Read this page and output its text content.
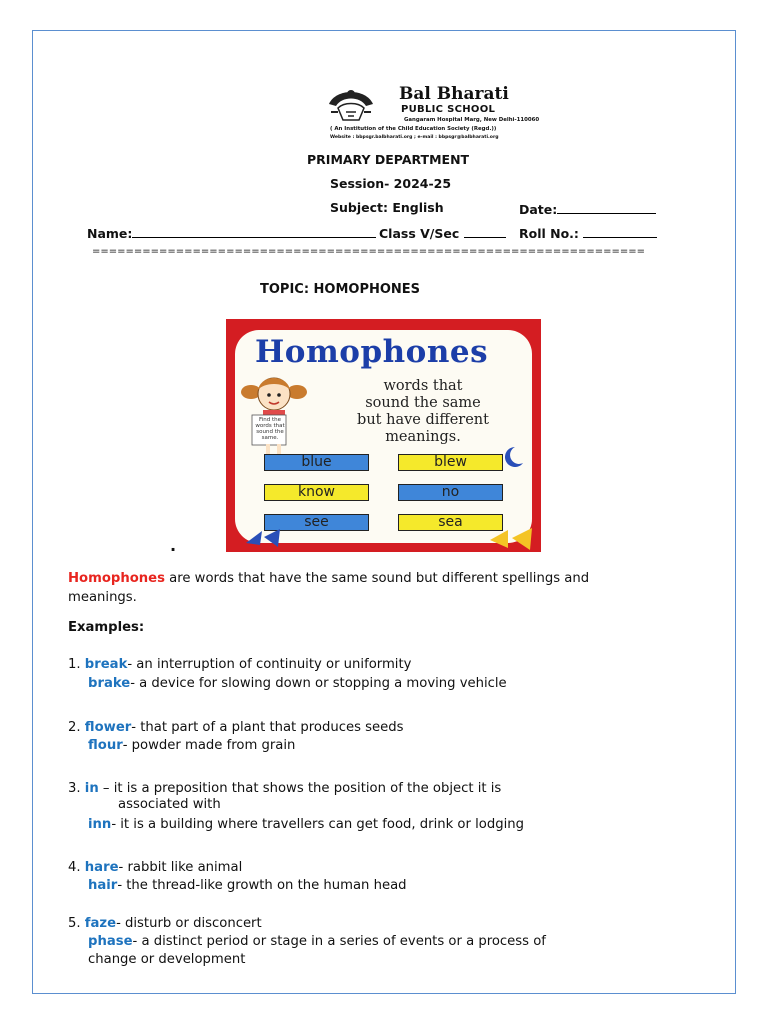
Bal Bharati
PUBLIC SCHOOL
Gangaram Hospital Marg, New Delhi-110060
( An Institution of the Child Education Society (Regd.))
Website : bbpsgr.balbharati.org ; e-mail : bbpsgr@balbharati.org
PRIMARY DEPARTMENT
Session- 2024-25
Subject: English	Date:
Name:	Class V/Sec	Roll No.:
==================================================================
TOPIC: HOMOPHONES
Homophones
words that
sound the same
but have different
meanings.
Find the
words that
sound the
same.
blue	blew
know	no
see	sea
.
Homophones are words that have the same sound but different spellings and
meanings.
Examples:
1. break- an interruption of continuity or uniformity
brake- a device for slowing down or stopping a moving vehicle
2. flower- that part of a plant that produces seeds
flour- powder made from grain
3. in – it is a preposition that shows the position of the object it is
associated with
inn- it is a building where travellers can get food, drink or lodging
4. hare- rabbit like animal
hair- the thread-like growth on the human head
5. faze- disturb or disconcert
phase- a distinct period or stage in a series of events or a process of
change or development
